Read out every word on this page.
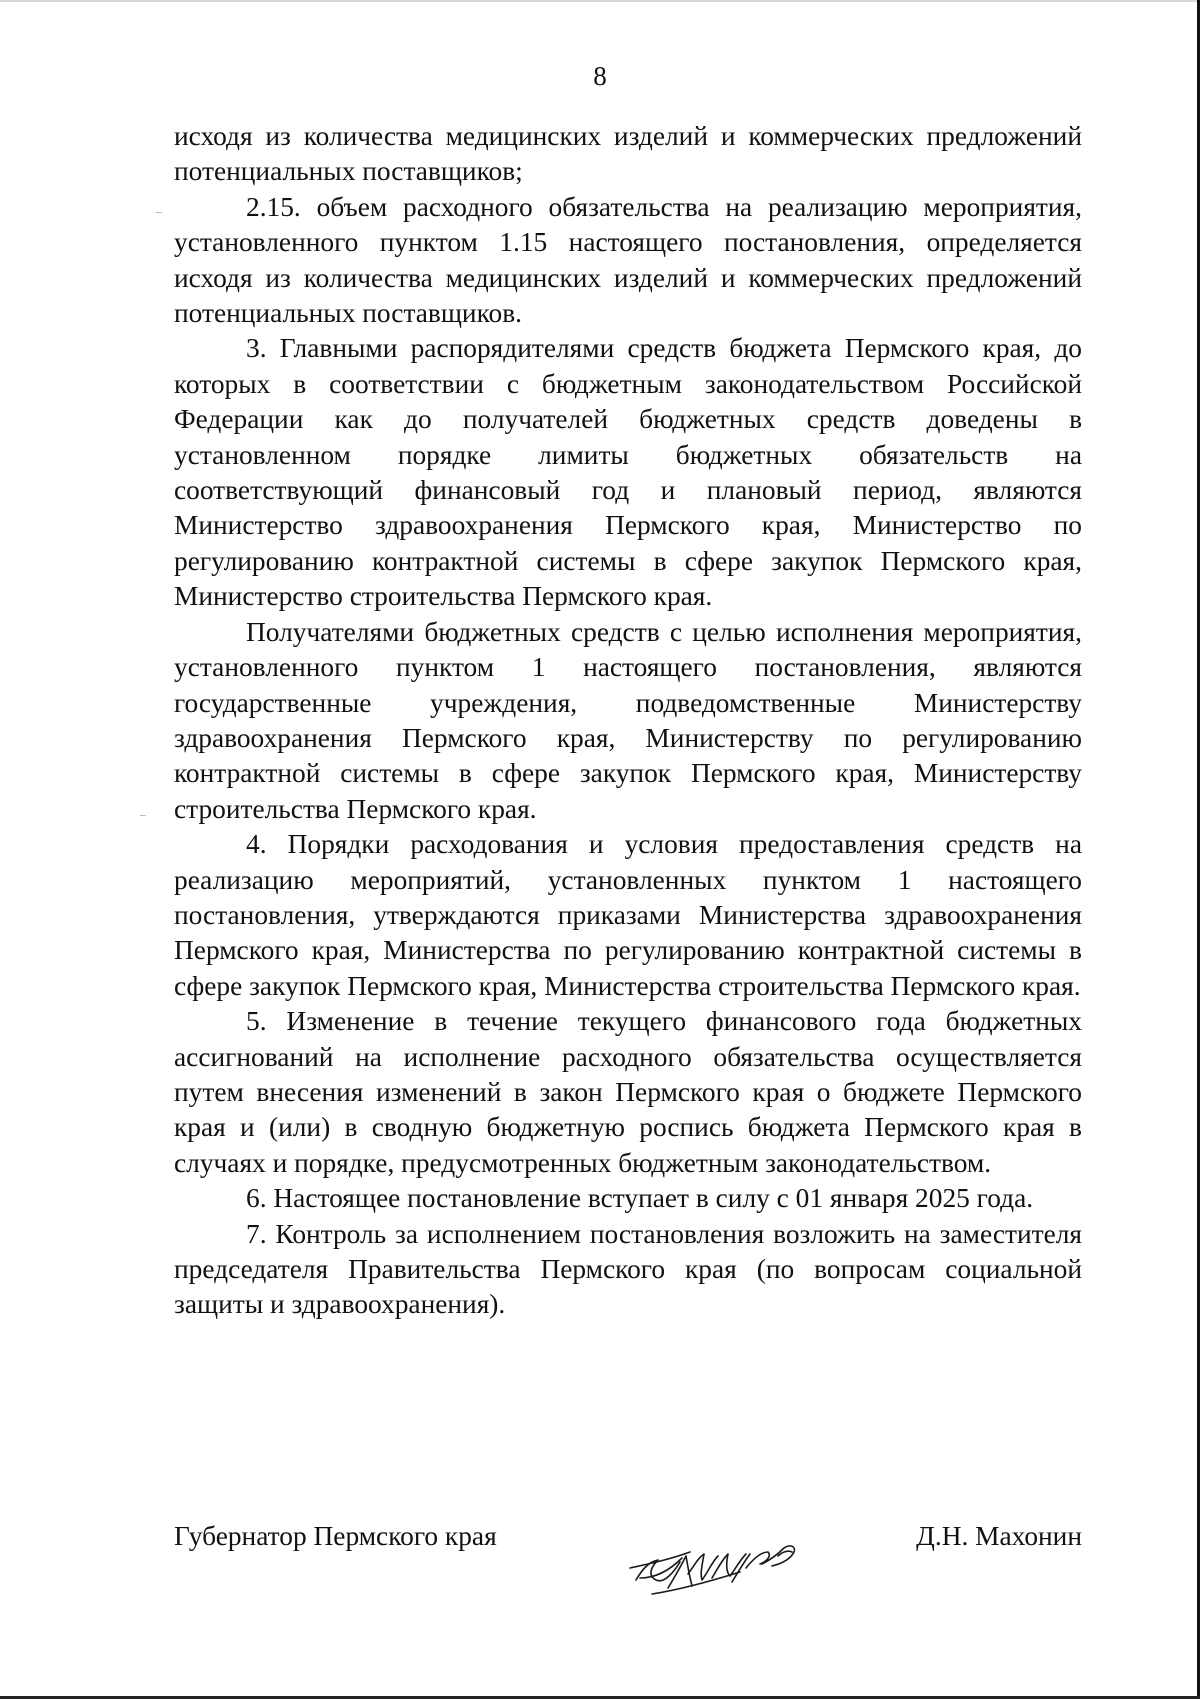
8

исходя из количества медицинских изделий и коммерческих предложений потенциальных поставщиков;

2.15. объем расходного обязательства на реализацию мероприятия, установленного пунктом 1.15 настоящего постановления, определяется исходя из количества медицинских изделий и коммерческих предложений потенциальных поставщиков.

3. Главными распорядителями средств бюджета Пермского края, до которых в соответствии с бюджетным законодательством Российской Федерации как до получателей бюджетных средств доведены в установленном порядке лимиты бюджетных обязательств на соответствующий финансовый год и плановый период, являются Министерство здравоохранения Пермского края, Министерство по регулированию контрактной системы в сфере закупок Пермского края, Министерство строительства Пермского края.

Получателями бюджетных средств с целью исполнения мероприятия, установленного пунктом 1 настоящего постановления, являются государственные учреждения, подведомственные Министерству здравоохранения Пермского края, Министерству по регулированию контрактной системы в сфере закупок Пермского края, Министерству строительства Пермского края.

4. Порядки расходования и условия предоставления средств на реализацию мероприятий, установленных пунктом 1 настоящего постановления, утверждаются приказами Министерства здравоохранения Пермского края, Министерства по регулированию контрактной системы в сфере закупок Пермского края, Министерства строительства Пермского края.

5. Изменение в течение текущего финансового года бюджетных ассигнований на исполнение расходного обязательства осуществляется путем внесения изменений в закон Пермского края о бюджете Пермского края и (или) в сводную бюджетную роспись бюджета Пермского края в случаях и порядке, предусмотренных бюджетным законодательством.

6. Настоящее постановление вступает в силу с 01 января 2025 года.

7. Контроль за исполнением постановления возложить на заместителя председателя Правительства Пермского края (по вопросам социальной защиты и здравоохранения).

Губернатор Пермского края	Д.Н. Махонин
